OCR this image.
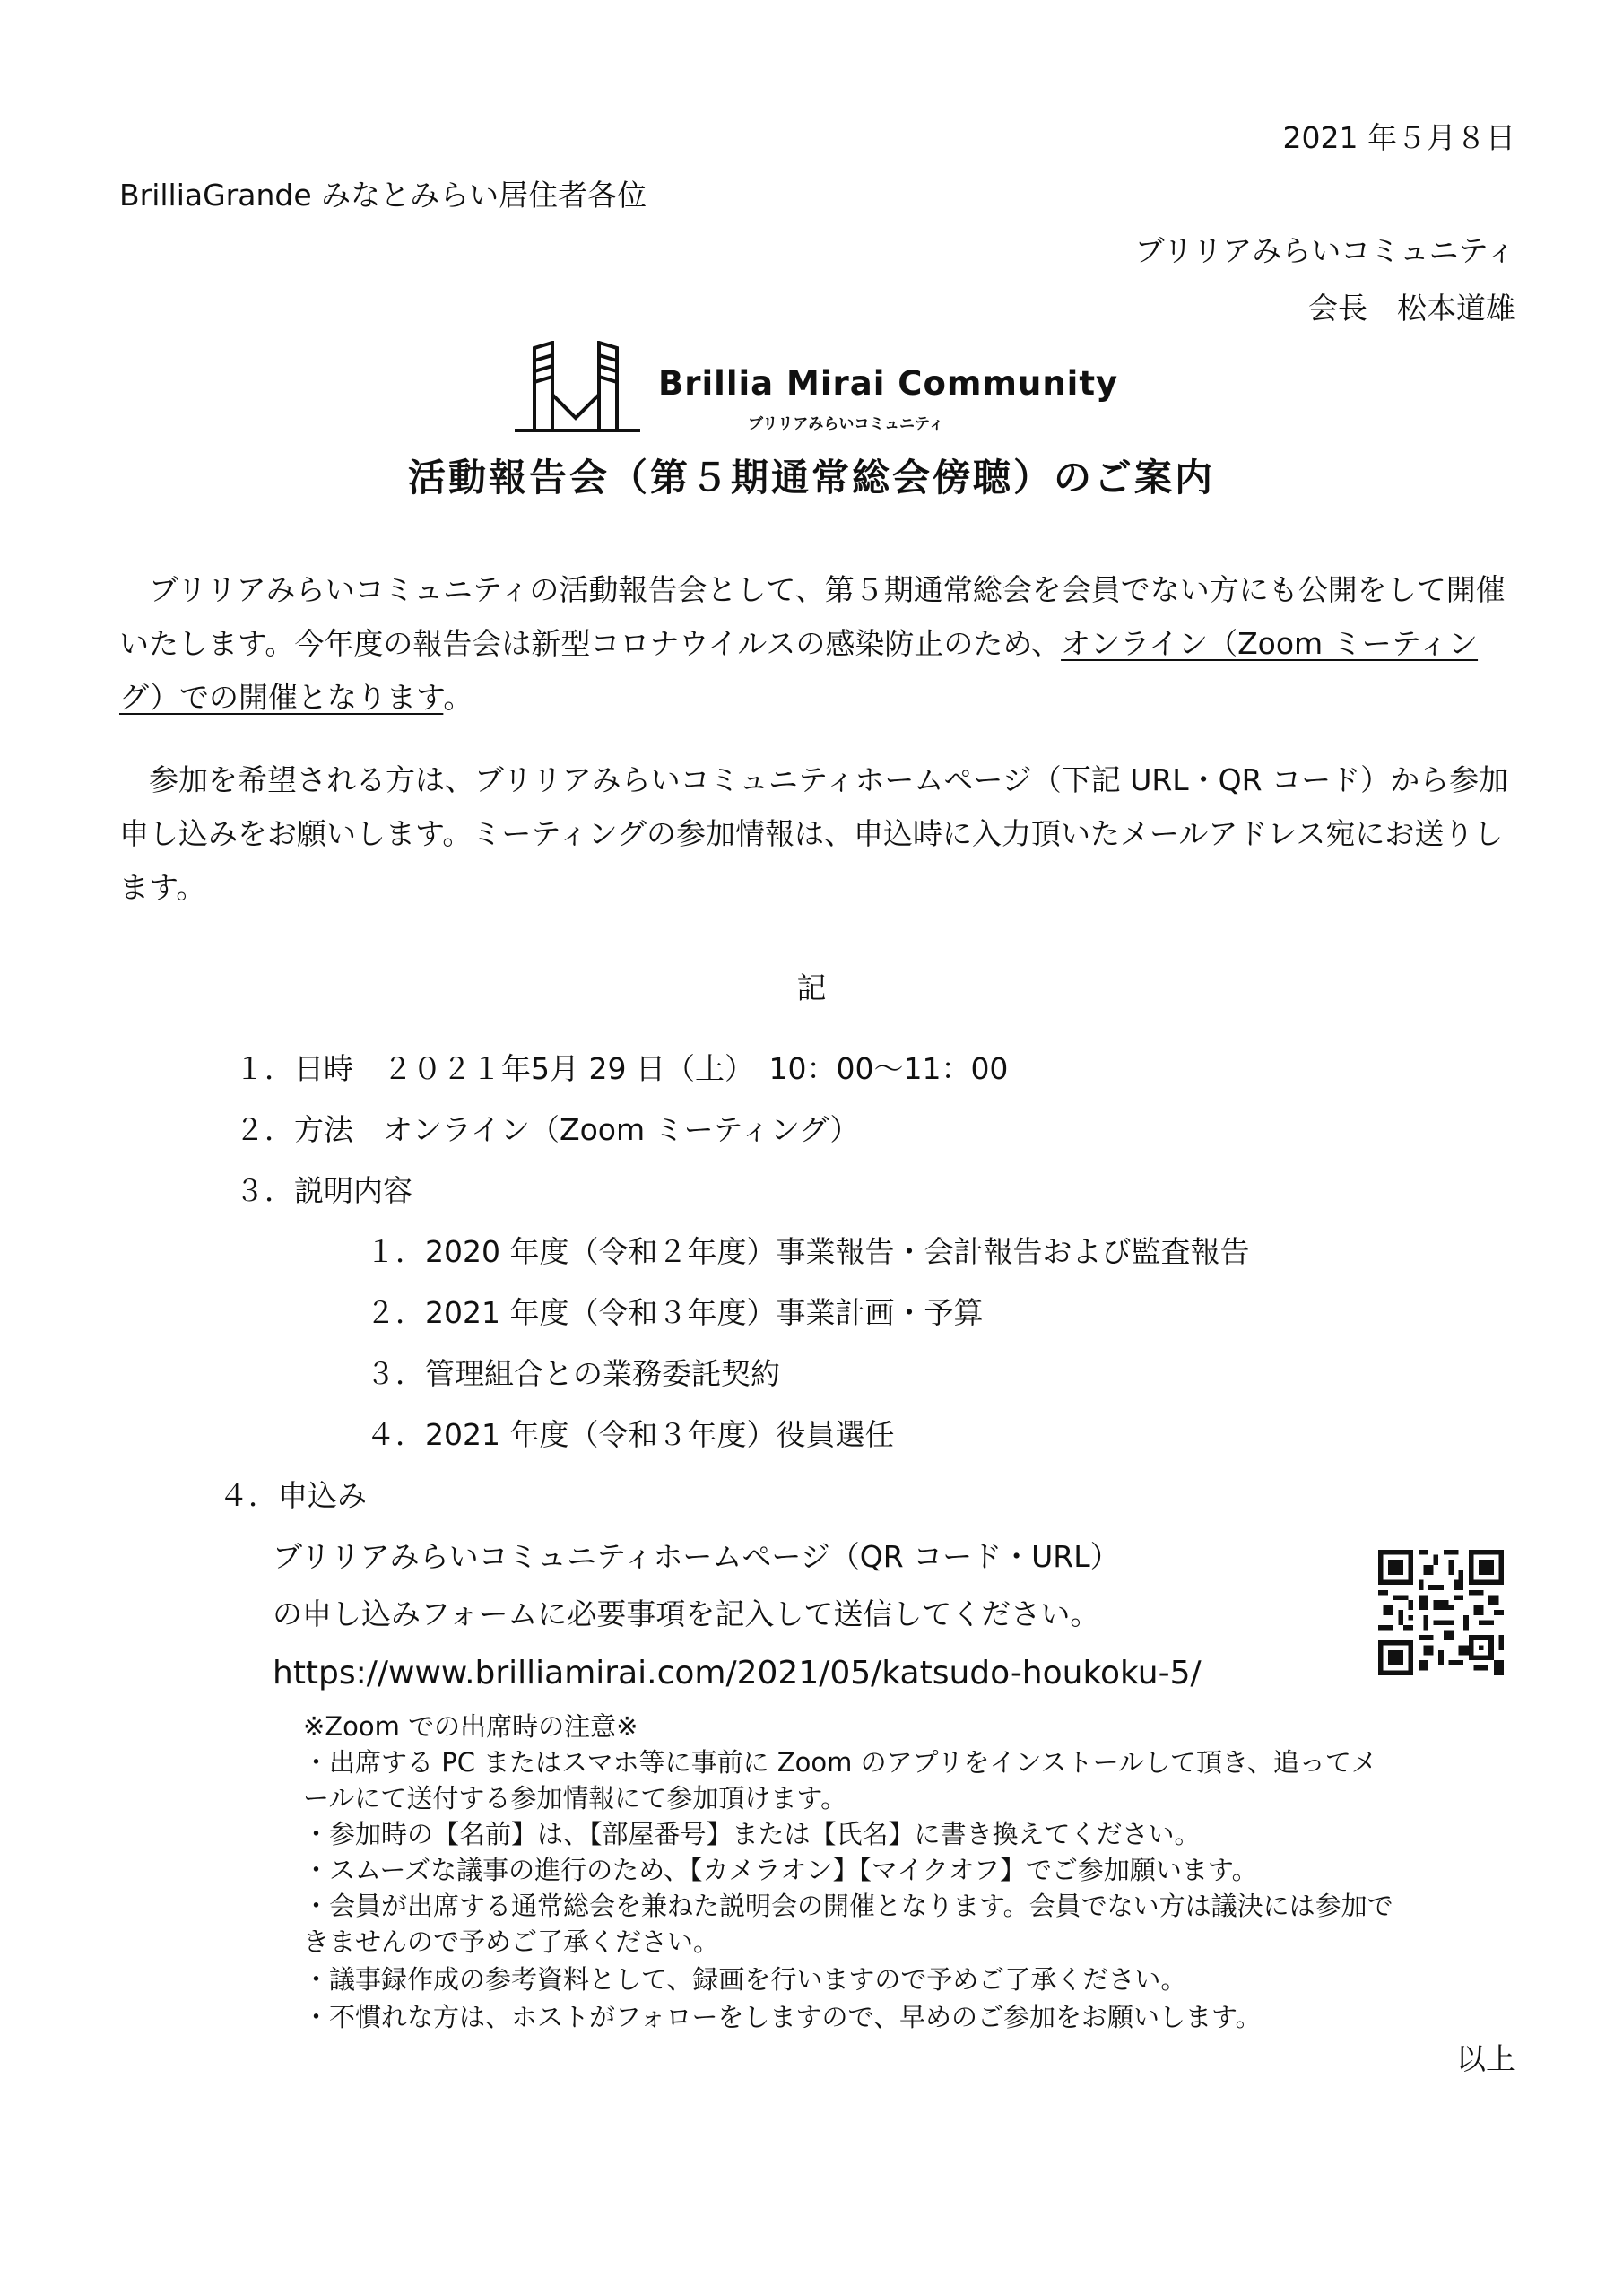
2021 年５月８日
BrilliaGrande みなとみらい居住者各位
ブリリアみらいコミュニティ
会長　松本道雄
Brillia Mirai Community
ブリリアみらいコミュニティ
活動報告会（第５期通常総会傍聴）のご案内
ブリリアみらいコミュニティの活動報告会として、第５期通常総会を会員でない方にも公開をして開催いたします。今年度の報告会は新型コロナウイルスの感染防止のため、オンライン（Zoom ミーティング）での開催となります。
参加を希望される方は、ブリリアみらいコミュニティホームページ（下記 URL・QR コード）から参加申し込みをお願いします。ミーティングの参加情報は、申込時に入力頂いたメールアドレス宛にお送りします。
記
１．日時　２０２１年5月 29 日（土）　10：00～11：00
２．方法　オンライン（Zoom ミーティング）
３．説明内容
１．2020 年度（令和２年度）事業報告・会計報告および監査報告
２．2021 年度（令和３年度）事業計画・予算
３．管理組合との業務委託契約
４．2021 年度（令和３年度）役員選任
４．申込み
ブリリアみらいコミュニティホームページ（QR コード・URL）
の申し込みフォームに必要事項を記入して送信してください。
https://www.brilliamirai.com/2021/05/katsudo-houkoku-5/
※Zoom での出席時の注意※
・出席する PC またはスマホ等に事前に Zoom のアプリをインストールして頂き、追ってメ
ールにて送付する参加情報にて参加頂けます。
・参加時の【名前】は、【部屋番号】または【氏名】に書き換えてください。
・スムーズな議事の進行のため、【カメラオン】【マイクオフ】でご参加願います。
・会員が出席する通常総会を兼ねた説明会の開催となります。会員でない方は議決には参加で
きませんので予めご了承ください。
・議事録作成の参考資料として、録画を行いますので予めご了承ください。
・不慣れな方は、ホストがフォローをしますので、早めのご参加をお願いします。
以上
